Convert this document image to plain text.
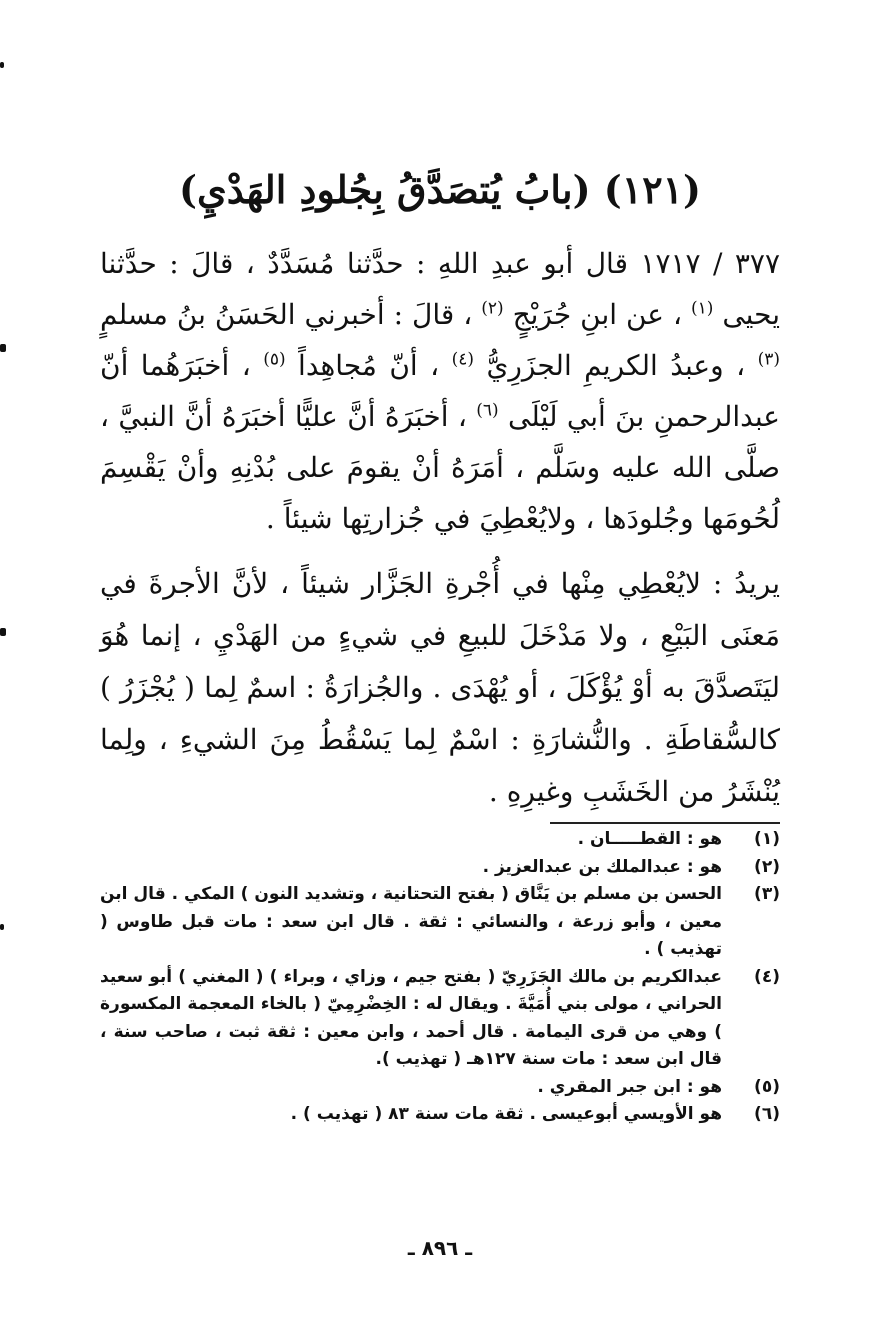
(١٢١) (بابُ يُتصَدَّقُ بِجُلودِ الهَدْيِ)

٣٧٧ / ١٧١٧ قال أبو عبدِ اللهِ : حدَّثنا مُسَدَّدٌ ، قالَ : حدَّثنا يحيى $^{(١)}$ ، عن ابنِ جُرَيْجٍ $^{(٢)}$ ، قالَ : أخبرني الحَسَنُ بنُ مسلمٍ $^{(٣)}$ ، وعبدُ الكريمِ الجزَرِيُّ $^{(٤)}$ ، أنّ مُجاهِداً $^{(٥)}$ ، أخبَرَهُما أنّ عبدالرحمنِ بنَ أبي لَيْلَى $^{(٦)}$ ، أخبَرَهُ أنَّ عليًّا أخبَرَهُ أنَّ النبيَّ ، صلَّى الله عليه وسَلَّم ، أمَرَهُ أنْ يقومَ على بُدْنِهِ وأنْ يَقْسِمَ لُحُومَها وجُلودَها ، ولايُعْطِيَ في جُزارتِها شيئاً .

يريدُ : لايُعْطِي مِنْها في أُجْرةِ الجَزَّار شيئاً ، لأنَّ الأجرةَ في مَعنَى البَيْعِ ، ولا مَدْخَلَ للبيعِ في شيءٍ من الهَدْيِ ، إنما هُوَ ليَتَصدَّقَ به أوْ يُؤْكَلَ ، أو يُهْدَى . والجُزارَةُ : اسمٌ لِما ( يُجْزَرُ ) كالسُّقاطَةِ . والنُّشارَةِ : اسْمٌ لِما يَسْقُطُ مِنَ الشيءِ ، ولِما يُنْشَرُ من الخَشَبِ وغيرِهِ .

(١)
هو : القطـــــان .
(٢)
هو : عبدالملك بن عبدالعزيز .
(٣)
الحسن بن مسلم بن يَنَّاق ( بفتح التحتانية ، وتشديد النون ) المكي . قال ابن معين ، وأبو زرعة ، والنسائي : ثقة . قال ابن سعد : مات قبل طاوس ( تهذيب ) .
(٤)
عبدالكريم بن مالك الجَزَرِيّ ( بفتح جيم ، وزاي ، وبراء ) ( المغني ) أبو سعيد الحراني ، مولى بني أُمَيَّةَ . ويقال له : الخِضْرِمِيّ ( بالخاء المعجمة المكسورة ) وهي من قرى اليمامة . قال أحمد ، وابن معين : ثقة ثبت ، صاحب سنة ، قال ابن سعد : مات سنة ١٢٧هـ ( تهذيب ).
(٥)
هو : ابن جبر المقري .
(٦)
هو الأويسي أبوعيسى . ثقة مات سنة ٨٣ ( تهذيب ) .
ـ ٨٩٦ ـ
